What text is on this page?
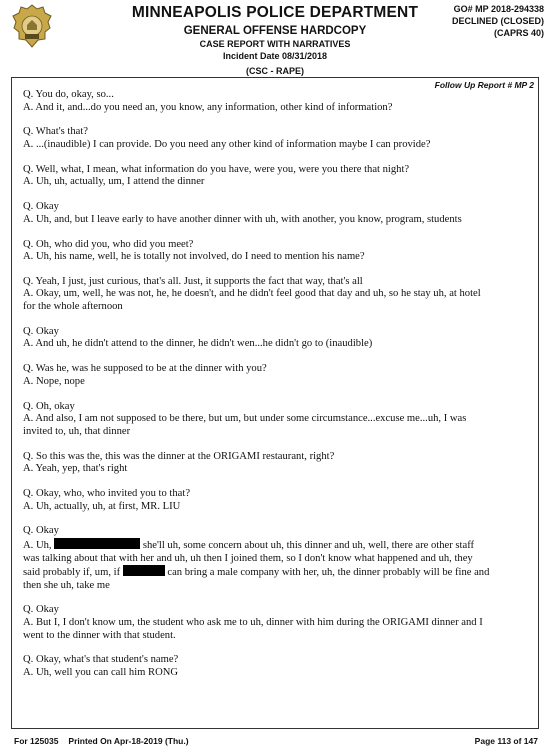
MINNEAPOLIS POLICE DEPARTMENT
GENERAL OFFENSE HARDCOPY
CASE REPORT WITH NARRATIVES
Incident Date 08/31/2018
(CSC - RAPE)
GO# MP 2018-294338
DECLINED (CLOSED)
(CAPRS 40)
Follow Up Report # MP 2

Q. You do, okay, so...

A. And it, and...do you need an, you know, any information, other kind of information?

Q. What's that?

A. ...(inaudible) I can provide. Do you need any other kind of information maybe I can provide?

Q. Well, what, I mean, what information do you have, were you, were you there that night?

A. Uh, uh, actually, um, I attend the dinner

Q. Okay

A. Uh, and, but I leave early to have another dinner with uh, with another, you know, program, students

Q. Oh, who did you, who did you meet?

A. Uh, his name, well, he is totally not involved, do I need to mention his name?

Q. Yeah, I just, just curious, that's all. Just, it supports the fact that way, that's all

A. Okay, um, well, he was not, he, he doesn't, and he didn't feel good that day and uh, so he stay uh, at hotel

for the whole afternoon

Q. Okay

A. And uh, he didn't attend to the dinner, he didn't wen...he didn't go to (inaudible)

Q. Was he, was he supposed to be at the dinner with you?

A. Nope, nope

Q. Oh, okay

A. And also, I am not supposed to be there, but um, but under some circumstance...excuse me...uh, I was

invited to, uh, that dinner

Q. So this was the, this was the dinner at the ORIGAMI restaurant, right?

A. Yeah, yep, that's right

Q. Okay, who, who invited you to that?

A. Uh, actually, uh, at first, MR. LIU

Q. Okay

A. Uh,	she'll uh, some concern about uh, this dinner and uh, well, there are other staff

was talking about that with her and uh, uh then I joined them, so I don't know what happened and uh, they

said probably if, um, if	can bring a male company with her, uh, the dinner probably will be fine and

then she uh, take me

Q. Okay

A. But I, I don't know um, the student who ask me to uh, dinner with him during the ORIGAMI dinner and I

went to the dinner with that student.

Q. Okay, what's that student's name?

A. Uh, well you can call him RONG

For 125035 Printed On Apr-18-2019 (Thu.)	Page 113 of 147
